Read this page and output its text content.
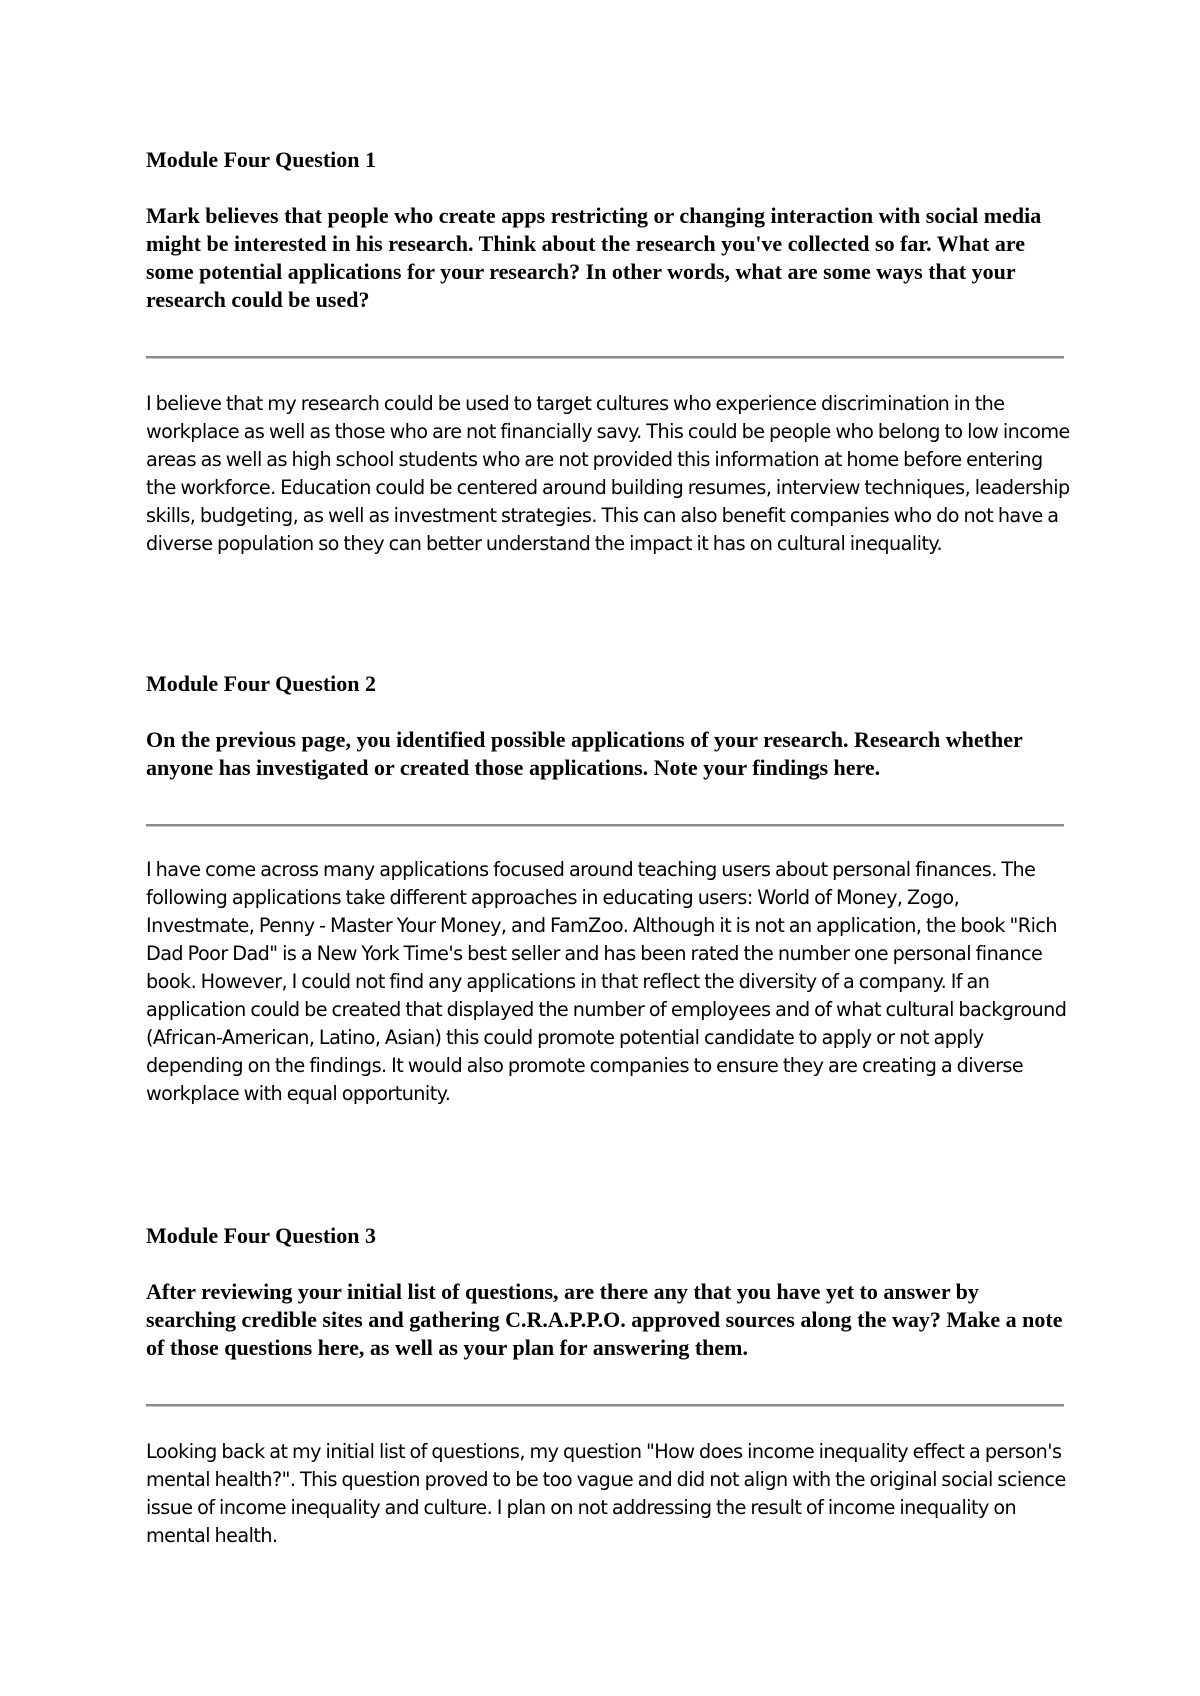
Module Four Question 1

Mark believes that people who create apps restricting or changing interaction with social media might be interested in his research. Think about the research you've collected so far. What are some potential applications for your research? In other words, what are some ways that your research could be used?

I believe that my research could be used to target cultures who experience discrimination in the workplace as well as those who are not financially savy. This could be people who belong to low income areas as well as high school students who are not provided this information at home before entering the workforce. Education could be centered around building resumes, interview techniques, leadership skills, budgeting, as well as investment strategies. This can also benefit companies who do not have a diverse population so they can better understand the impact it has on cultural inequality.

Module Four Question 2

On the previous page, you identified possible applications of your research. Research whether anyone has investigated or created those applications. Note your findings here.

I have come across many applications focused around teaching users about personal finances. The following applications take different approaches in educating users: World of Money, Zogo, Investmate, Penny - Master Your Money, and FamZoo. Although it is not an application, the book "Rich Dad Poor Dad" is a New York Time's best seller and has been rated the number one personal finance book. However, I could not find any applications in that reflect the diversity of a company. If an application could be created that displayed the number of employees and of what cultural background (African-American, Latino, Asian) this could promote potential candidate to apply or not apply depending on the findings. It would also promote companies to ensure they are creating a diverse workplace with equal opportunity.

Module Four Question 3

After reviewing your initial list of questions, are there any that you have yet to answer by searching credible sites and gathering C.R.A.P.P.O. approved sources along the way? Make a note of those questions here, as well as your plan for answering them.

Looking back at my initial list of questions, my question "How does income inequality effect a person's mental health?". This question proved to be too vague and did not align with the original social science issue of income inequality and culture. I plan on not addressing the result of income inequality on mental health.
